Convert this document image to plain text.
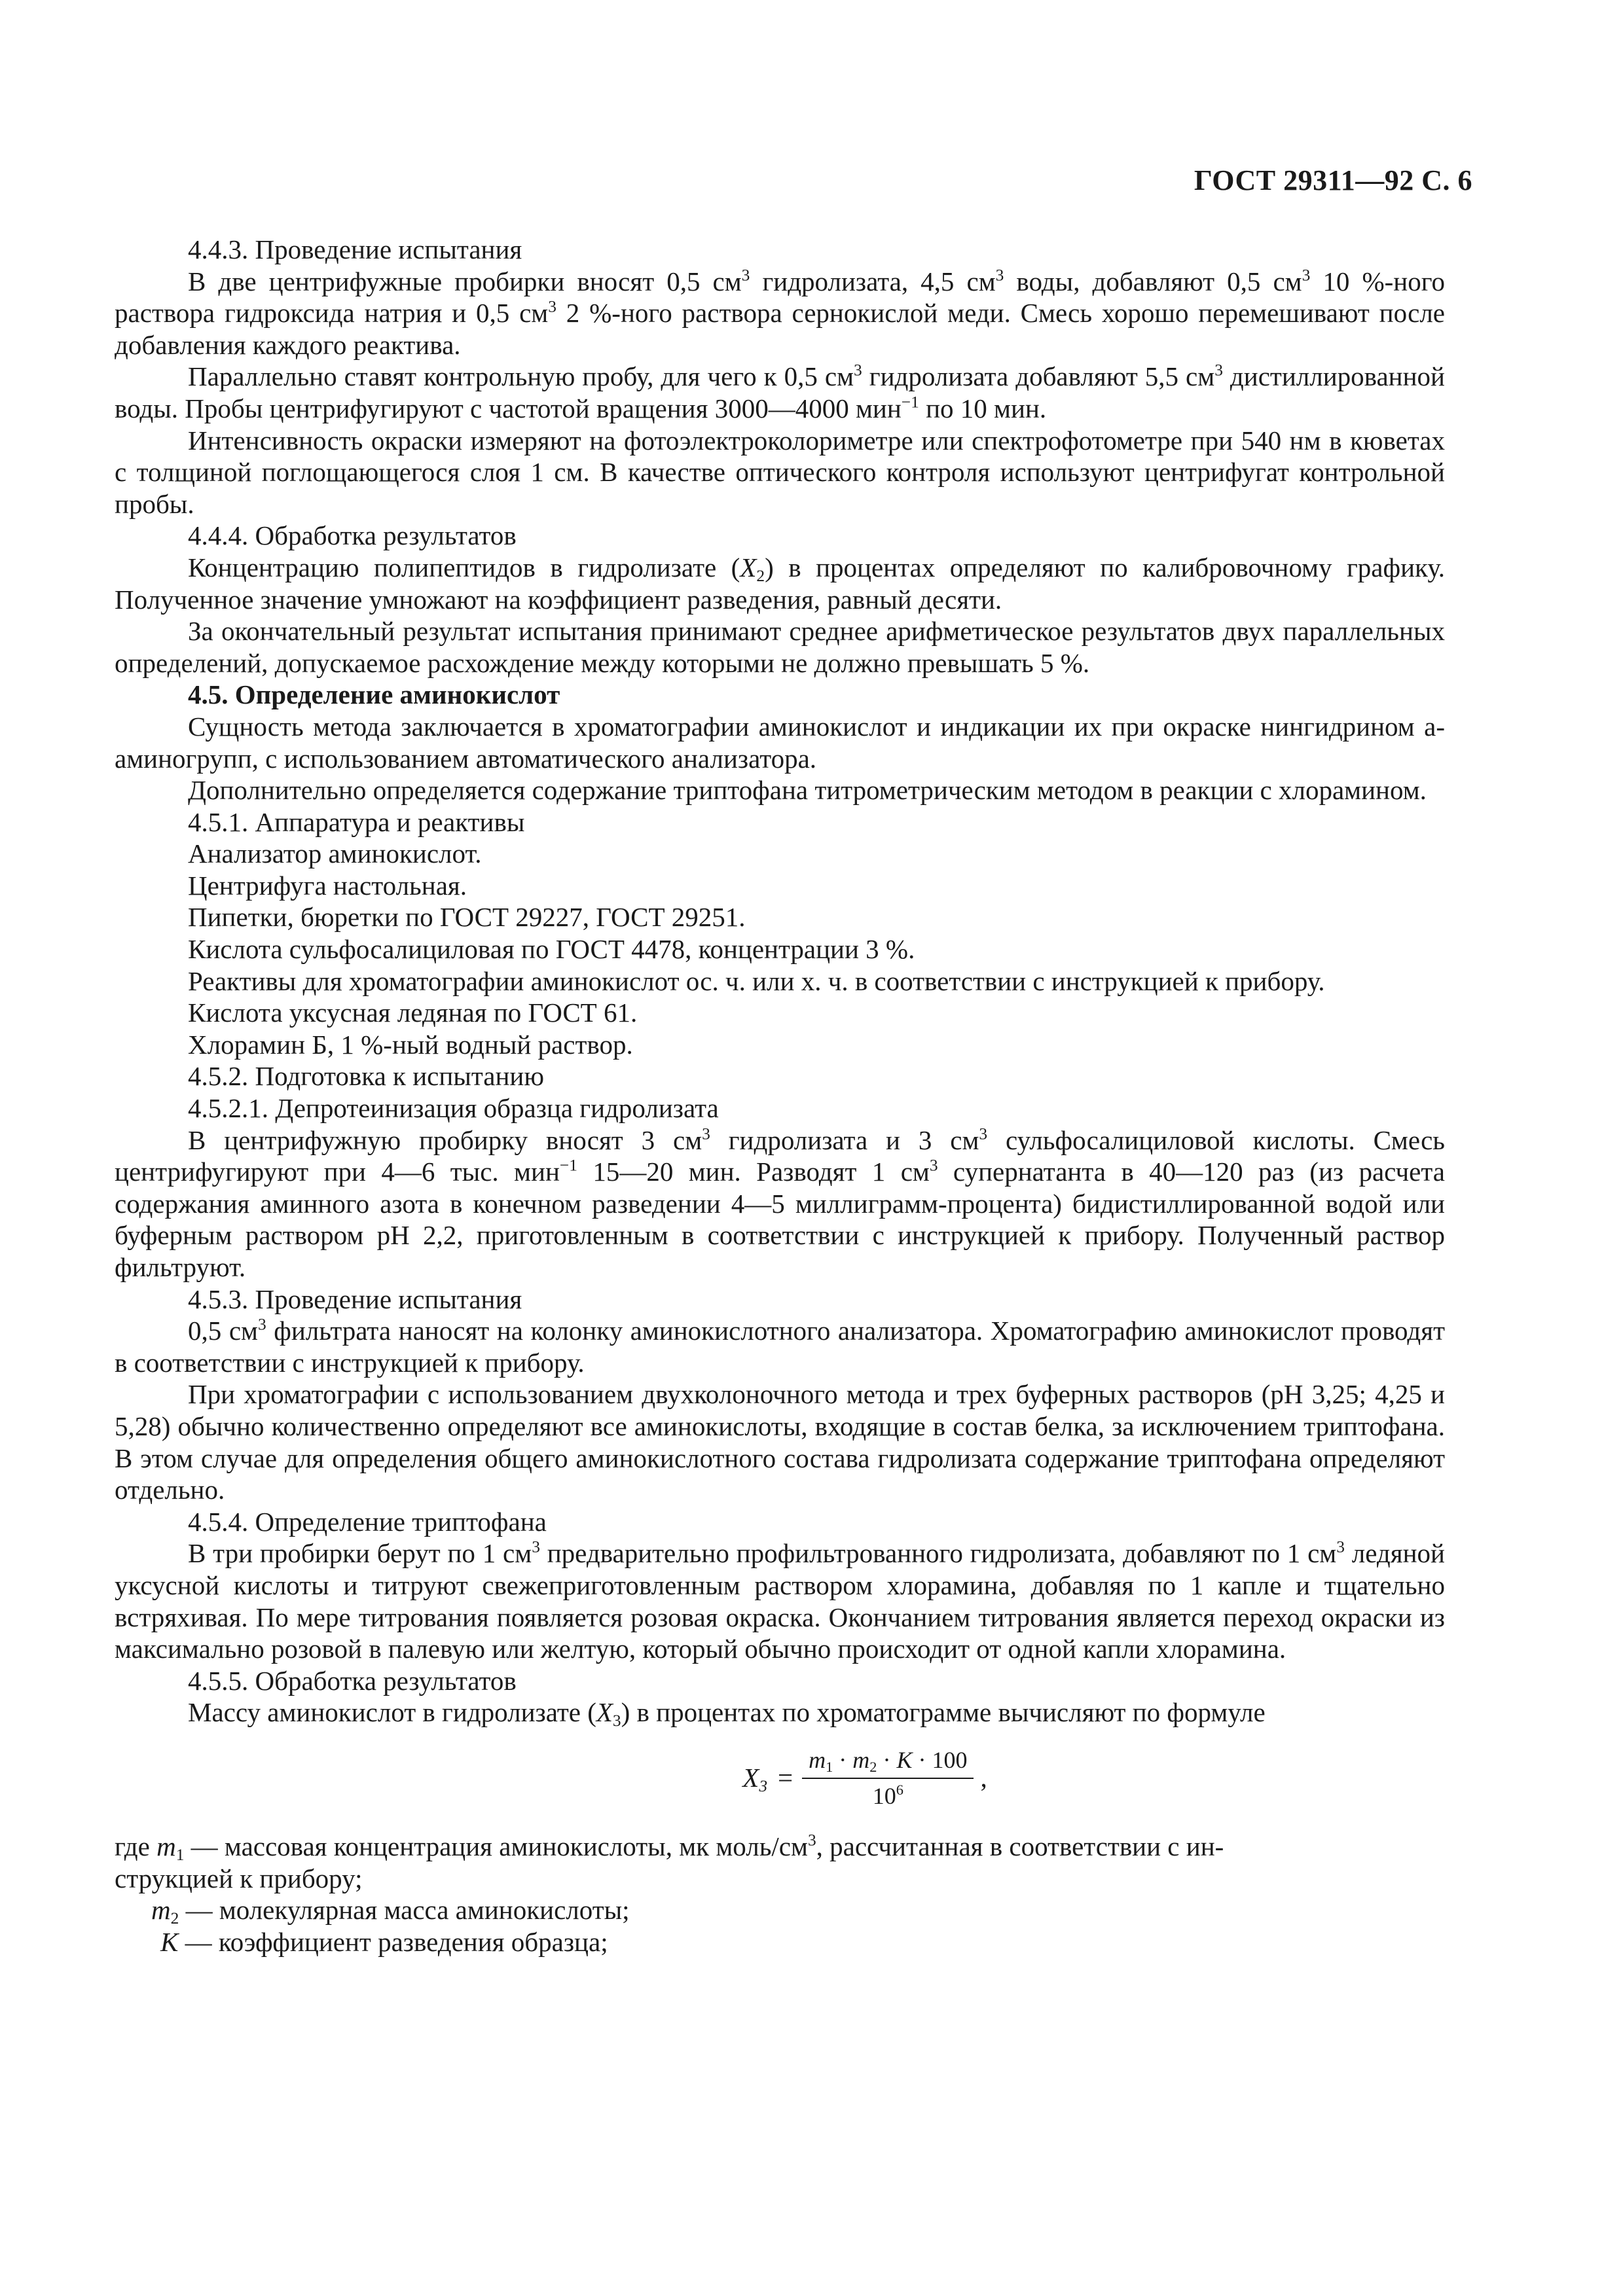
ГОСТ 29311—92 С. 6

4.4.3. Проведение испытания

В две центрифужные пробирки вносят 0,5 $см^3$ гидролизата, 4,5 $см^3$ воды, добавляют 0,5 $см^3$ 10 %-ного раствора гидроксида натрия и 0,5 $см^3$ 2 %-ного раствора сернокислой меди. Смесь хорошо перемешивают после добавления каждого реактива.

Параллельно ставят контрольную пробу, для чего к 0,5 $см^3$ гидролизата добавляют 5,5 $см^3$ дистиллированной воды. Пробы центрифугируют с частотой вращения 3000—4000 мин$^{-1}$ по 10 мин.

Интенсивность окраски измеряют на фотоэлектроколориметре или спектрофотометре при 540 нм в кюветах с толщиной поглощающегося слоя 1 см. В качестве оптического контроля используют центрифугат контрольной пробы.

4.4.4. Обработка результатов

Концентрацию полипептидов в гидролизате $(X_2)$ в процентах определяют по калибровочному графику. Полученное значение умножают на коэффициент разведения, равный десяти.

За окончательный результат испытания принимают среднее арифметическое результатов двух параллельных определений, допускаемое расхождение между которыми не должно превышать 5 %.

4.5. Определение аминокислот

Сущность метода заключается в хроматографии аминокислот и индикации их при окраске нингидрином а-аминогрупп, с использованием автоматического анализатора.

Дополнительно определяется содержание триптофана титрометрическим методом в реакции с хлорамином.

4.5.1. Аппаратура и реактивы

Анализатор аминокислот.

Центрифуга настольная.

Пипетки, бюретки по ГОСТ 29227, ГОСТ 29251.

Кислота сульфосалициловая по ГОСТ 4478, концентрации 3 %.

Реактивы для хроматографии аминокислот ос. ч. или х. ч. в соответствии с инструкцией к прибору.

Кислота уксусная ледяная по ГОСТ 61.

Хлорамин Б, 1 %-ный водный раствор.

4.5.2. Подготовка к испытанию

4.5.2.1. Депротеинизация образца гидролизата

В центрифужную пробирку вносят 3 $см^3$ гидролизата и 3 $см^3$ сульфосалициловой кислоты. Смесь центрифугируют при 4—6 тыс. мин$^{-1}$ 15—20 мин. Разводят 1 $см^3$ супернатанта в 40—120 раз (из расчета содержания аминного азота в конечном разведении 4—5 миллиграмм-процента) бидистиллированной водой или буферным раствором рН 2,2, приготовленным в соответствии с инструкцией к прибору. Полученный раствор фильтруют.

4.5.3. Проведение испытания

0,5 $см^3$ фильтрата наносят на колонку аминокислотного анализатора. Хроматографию аминокислот проводят в соответствии с инструкцией к прибору.

При хроматографии с использованием двухколоночного метода и трех буферных растворов (рН 3,25; 4,25 и 5,28) обычно количественно определяют все аминокислоты, входящие в состав белка, за исключением триптофана. В этом случае для определения общего аминокислотного состава гидролизата содержание триптофана определяют отдельно.

4.5.4. Определение триптофана

В три пробирки берут по 1 $см^3$ предварительно профильтрованного гидролизата, добавляют по 1 $см^3$ ледяной уксусной кислоты и титруют свежеприготовленным раствором хлорамина, добавляя по 1 капле и тщательно встряхивая. По мере титрования появляется розовая окраска. Окончанием титрования является переход окраски из максимально розовой в палевую или желтую, который обычно происходит от одной капли хлорамина.

4.5.5. Обработка результатов

Массу аминокислот в гидролизате $(X_3)$ в процентах по хроматограмме вычисляют по формуле

$X_3 = \frac{m_1 \cdot m_2 \cdot K \cdot 100}{10^6}$ ,

где $m_1$ — массовая концентрация аминокислоты, мк моль/$см^3$, рассчитанная в соответствии с ин-

струкцией к прибору;

$m_2$ — молекулярная масса аминокислоты;

K — коэффициент разведения образца;
